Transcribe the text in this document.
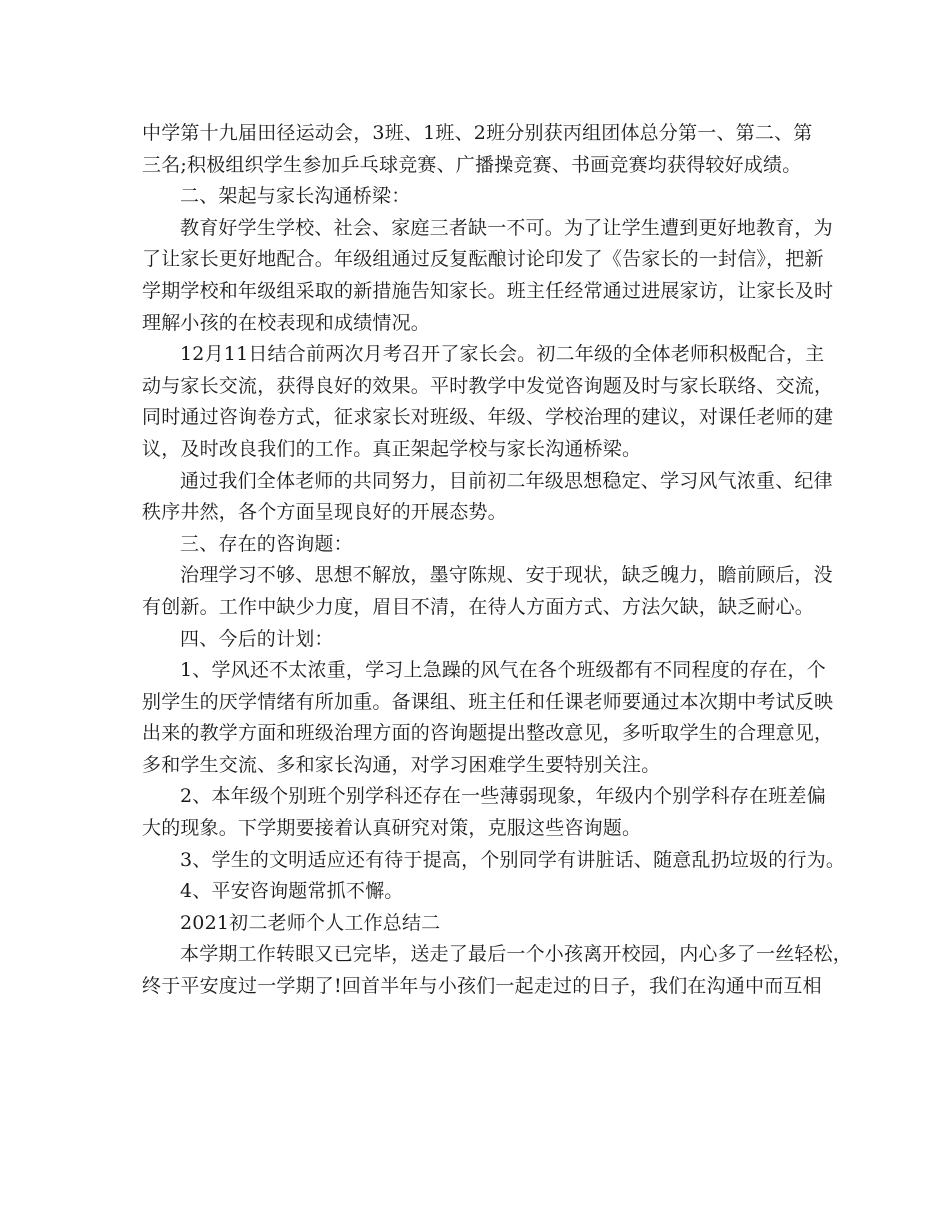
中学第十九届田径运动会，3班、1班、2班分别获丙组团体总分第一、第二、第
三名;积极组织学生参加乒乓球竞赛、广播操竞赛、书画竞赛均获得较好成绩。
二、架起与家长沟通桥梁：
教育好学生学校、社会、家庭三者缺一不可。为了让学生遭到更好地教育，为
了让家长更好地配合。年级组通过反复酝酿讨论印发了《告家长的一封信》，把新
学期学校和年级组采取的新措施告知家长。班主任经常通过进展家访，让家长及时
理解小孩的在校表现和成绩情况。
12月11日结合前两次月考召开了家长会。初二年级的全体老师积极配合，主
动与家长交流，获得良好的效果。平时教学中发觉咨询题及时与家长联络、交流，
同时通过咨询卷方式，征求家长对班级、年级、学校治理的建议，对课任老师的建
议，及时改良我们的工作。真正架起学校与家长沟通桥梁。
通过我们全体老师的共同努力，目前初二年级思想稳定、学习风气浓重、纪律
秩序井然，各个方面呈现良好的开展态势。
三、存在的咨询题：
治理学习不够、思想不解放，墨守陈规、安于现状，缺乏魄力，瞻前顾后，没
有创新。工作中缺少力度，眉目不清，在待人方面方式、方法欠缺，缺乏耐心。
四、今后的计划：
1、学风还不太浓重，学习上急躁的风气在各个班级都有不同程度的存在，个
别学生的厌学情绪有所加重。备课组、班主任和任课老师要通过本次期中考试反映
出来的教学方面和班级治理方面的咨询题提出整改意见，多听取学生的合理意见，
多和学生交流、多和家长沟通，对学习困难学生要特别关注。
2、本年级个别班个别学科还存在一些薄弱现象，年级内个别学科存在班差偏
大的现象。下学期要接着认真研究对策，克服这些咨询题。
3、学生的文明适应还有待于提高，个别同学有讲脏话、随意乱扔垃圾的行为。
4、平安咨询题常抓不懈。
2021初二老师个人工作总结二
本学期工作转眼又已完毕，送走了最后一个小孩离开校园，内心多了一丝轻松，
终于平安度过一学期了!回首半年与小孩们一起走过的日子，我们在沟通中而互相
